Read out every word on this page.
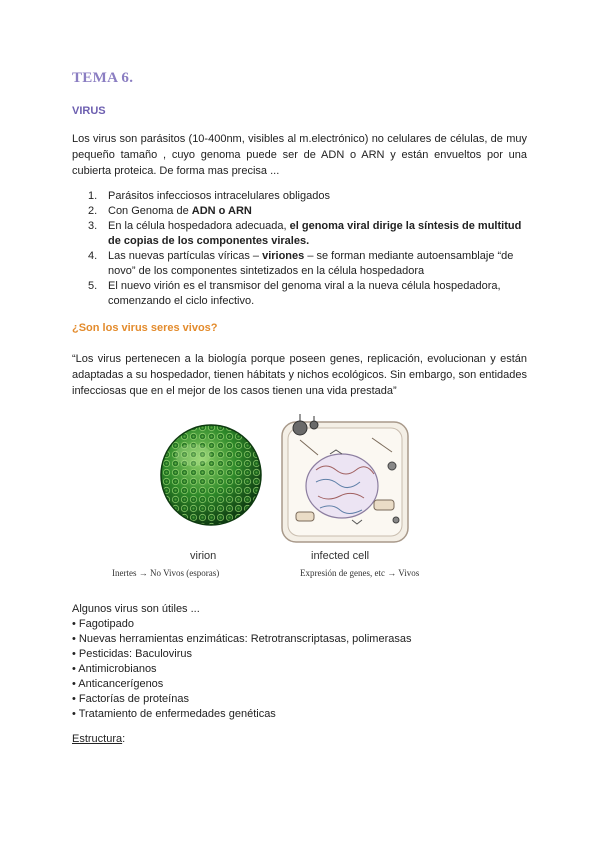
TEMA 6.
VIRUS

Los virus son parásitos (10-400nm, visibles al m.electrónico) no celulares de células, de muy pequeño tamaño , cuyo genoma puede ser de ADN o ARN y están envueltos por una cubierta proteica. De forma mas precisa ...

1. Parásitos infecciosos intracelulares obligados
2. Con Genoma de ADN o ARN
3. En la célula hospedadora adecuada, el genoma viral dirige la síntesis de multitud de copias de los componentes virales.
4. Las nuevas partículas víricas – viriones – se forman mediante autoensamblaje “de novo” de los componentes sintetizados en la célula hospedadora
5. El nuevo virión es el transmisor del genoma viral a la nueva célula hospedadora, comenzando el ciclo infectivo.
¿Son los virus seres vivos?

“Los virus pertenecen a la biología porque poseen genes, replicación, evolucionan y están adaptadas a su hospedador, tienen hábitats y nichos ecológicos. Sin embargo, son entidades infecciosas que en el mejor de los casos tienen una vida prestada”

virion
Inertes → No Vivos (esporas)
infected cell
Expresión de genes, etc → Vivos
Algunos virus son útiles ...
• Fagotipado
• Nuevas herramientas enzimáticas: Retrotranscriptasas, polimerasas
• Pesticidas: Baculovirus
• Antimicrobianos
• Anticancerígenos
• Factorías de proteínas
• Tratamiento de enfermedades genéticas
Estructura:
